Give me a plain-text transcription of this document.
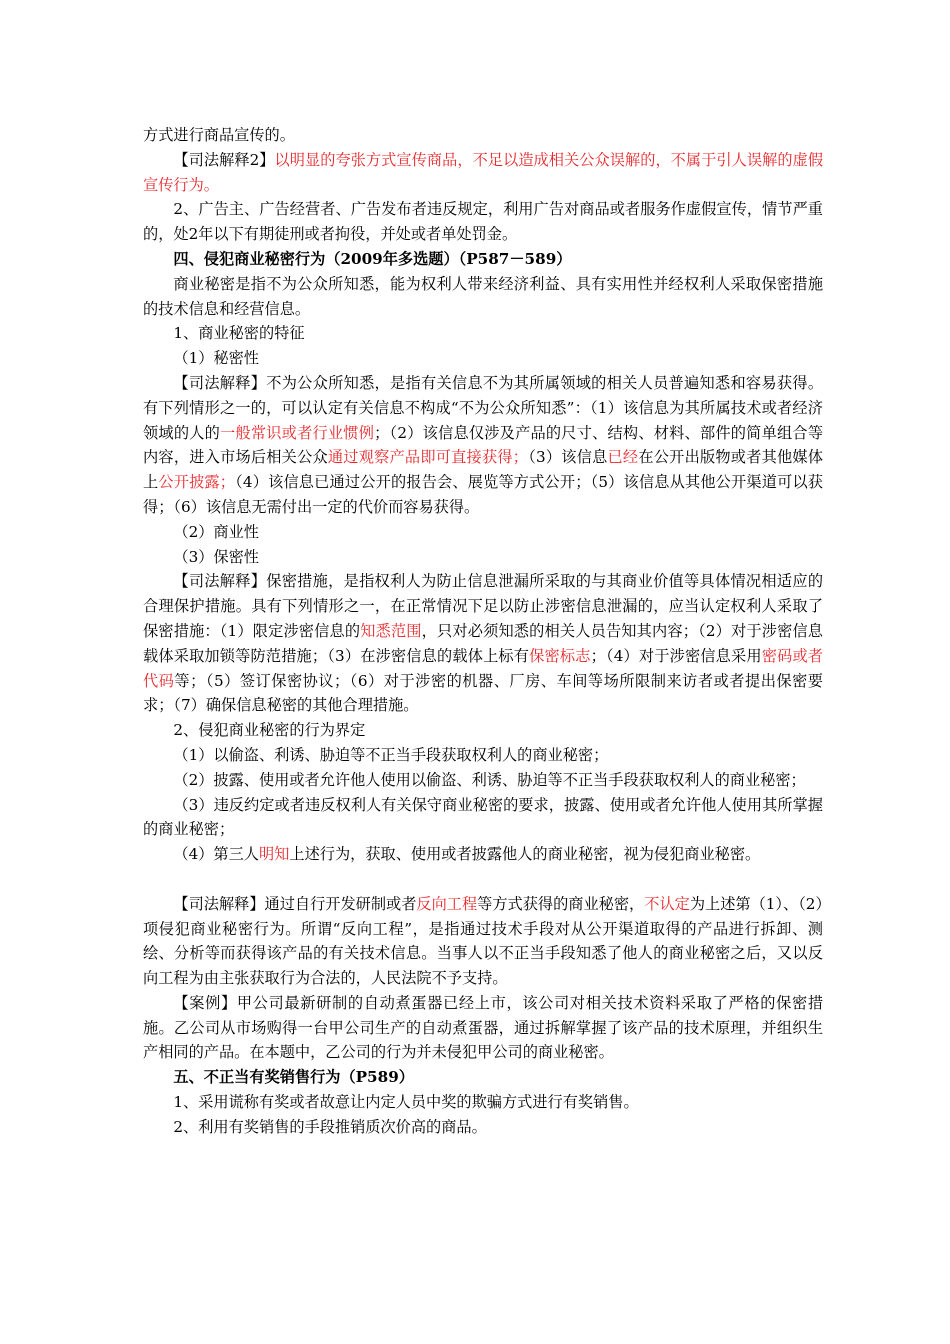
方式进行商品宣传的。

【司法解释2】以明显的夸张方式宣传商品，不足以造成相关公众误解的，不属于引人误解的虚假宣传行为。

2、广告主、广告经营者、广告发布者违反规定，利用广告对商品或者服务作虚假宣传，情节严重的，处2年以下有期徒刑或者拘役，并处或者单处罚金。

四、侵犯商业秘密行为（2009年多选题）（P587－589）

商业秘密是指不为公众所知悉，能为权利人带来经济利益、具有实用性并经权利人采取保密措施的技术信息和经营信息。

1、商业秘密的特征

（1）秘密性

【司法解释】不为公众所知悉，是指有关信息不为其所属领域的相关人员普遍知悉和容易获得。有下列情形之一的，可以认定有关信息不构成“不为公众所知悉”：（1）该信息为其所属技术或者经济领域的人的一般常识或者行业惯例；（2）该信息仅涉及产品的尺寸、结构、材料、部件的简单组合等内容，进入市场后相关公众通过观察产品即可直接获得；（3）该信息已经在公开出版物或者其他媒体上公开披露；（4）该信息已通过公开的报告会、展览等方式公开；（5）该信息从其他公开渠道可以获得；（6）该信息无需付出一定的代价而容易获得。

（2）商业性

（3）保密性

【司法解释】保密措施，是指权利人为防止信息泄漏所采取的与其商业价值等具体情况相适应的合理保护措施。具有下列情形之一，在正常情况下足以防止涉密信息泄漏的，应当认定权利人采取了保密措施：（1）限定涉密信息的知悉范围，只对必须知悉的相关人员告知其内容；（2）对于涉密信息载体采取加锁等防范措施；（3）在涉密信息的载体上标有保密标志；（4）对于涉密信息采用密码或者代码等；（5）签订保密协议；（6）对于涉密的机器、厂房、车间等场所限制来访者或者提出保密要求；（7）确保信息秘密的其他合理措施。

2、侵犯商业秘密的行为界定

（1）以偷盗、利诱、胁迫等不正当手段获取权利人的商业秘密；

（2）披露、使用或者允许他人使用以偷盗、利诱、胁迫等不正当手段获取权利人的商业秘密；

（3）违反约定或者违反权利人有关保守商业秘密的要求，披露、使用或者允许他人使用其所掌握的商业秘密；

（4）第三人明知上述行为，获取、使用或者披露他人的商业秘密，视为侵犯商业秘密。

【司法解释】通过自行开发研制或者反向工程等方式获得的商业秘密，不认定为上述第（1）、（2）项侵犯商业秘密行为。所谓“反向工程”，是指通过技术手段对从公开渠道取得的产品进行拆卸、测绘、分析等而获得该产品的有关技术信息。当事人以不正当手段知悉了他人的商业秘密之后，又以反向工程为由主张获取行为合法的，人民法院不予支持。

【案例】甲公司最新研制的自动煮蛋器已经上市，该公司对相关技术资料采取了严格的保密措施。乙公司从市场购得一台甲公司生产的自动煮蛋器，通过拆解掌握了该产品的技术原理，并组织生产相同的产品。在本题中，乙公司的行为并未侵犯甲公司的商业秘密。

五、不正当有奖销售行为（P589）

1、采用谎称有奖或者故意让内定人员中奖的欺骗方式进行有奖销售。

2、利用有奖销售的手段推销质次价高的商品。
